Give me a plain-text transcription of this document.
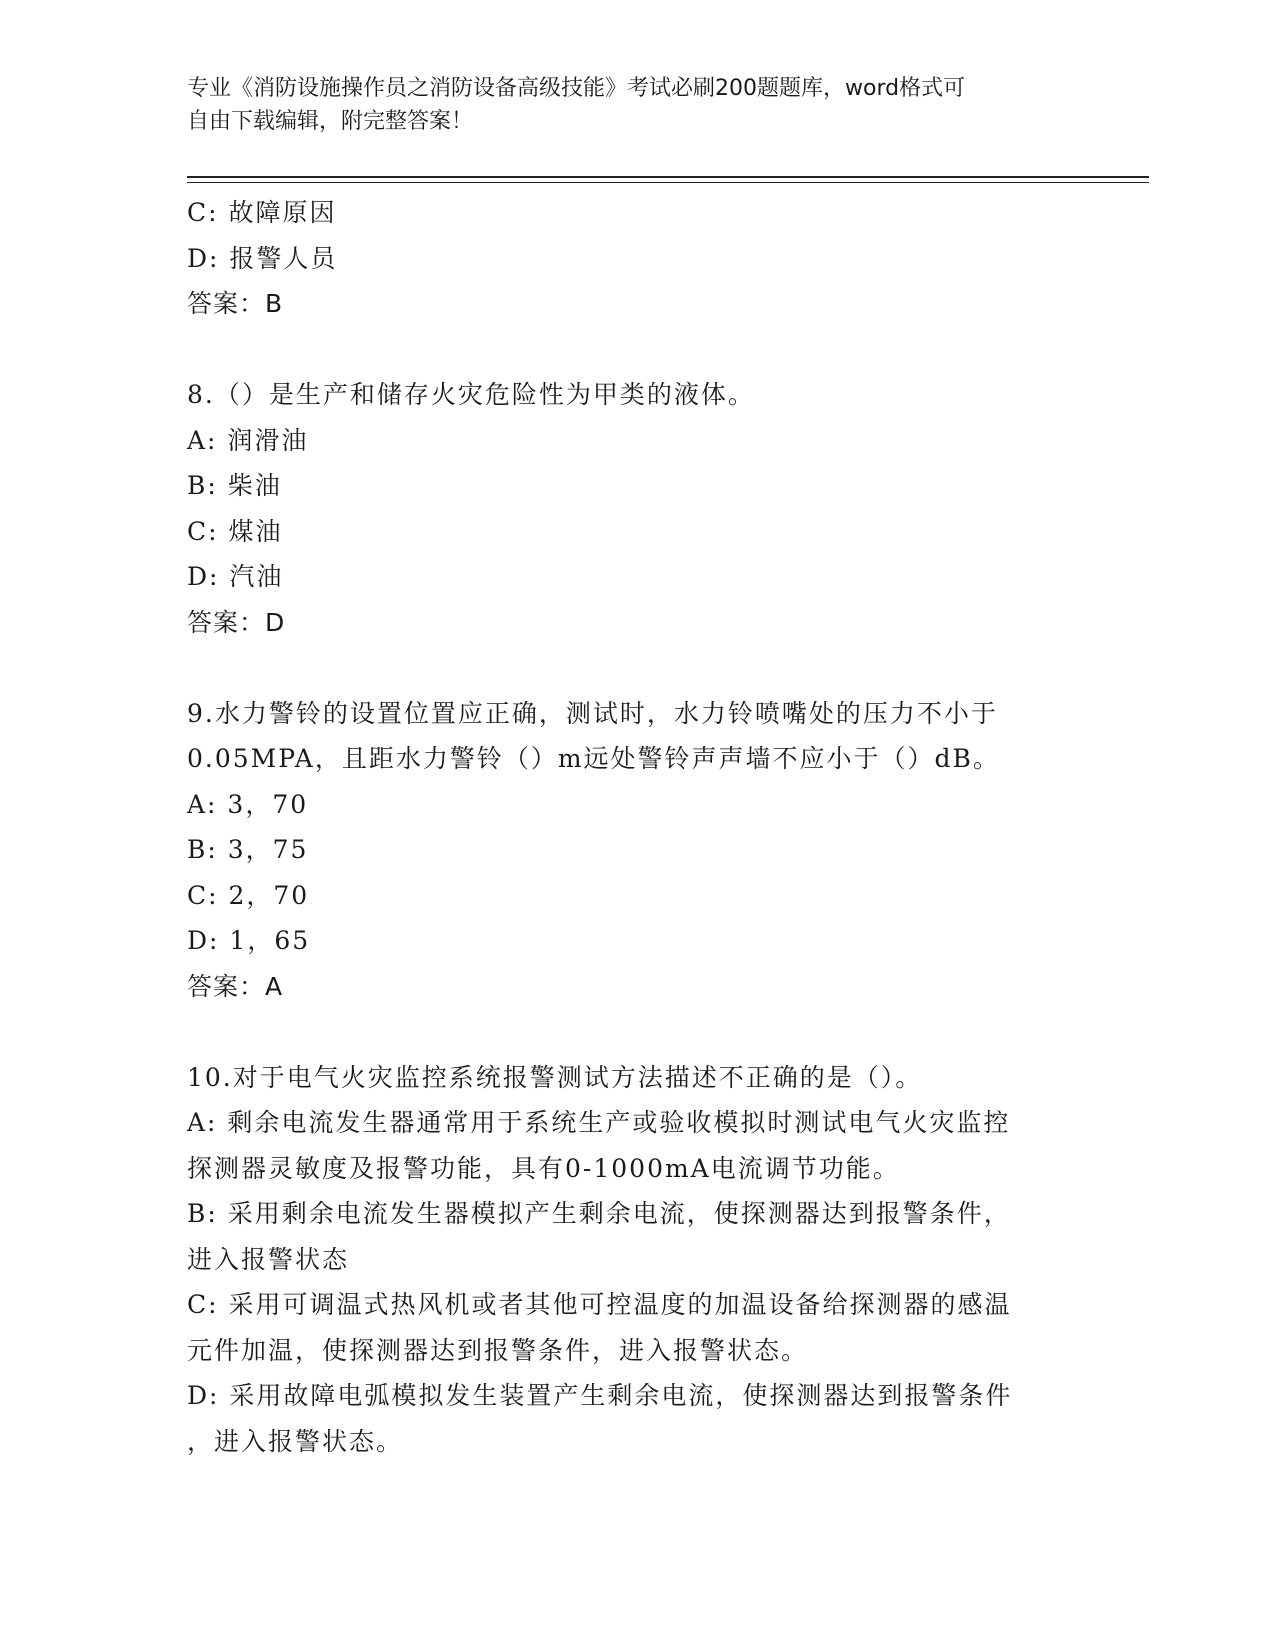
专业《消防设施操作员之消防设备高级技能》考试必刷200题题库，word格式可
自由下载编辑，附完整答案！
C: 故障原因
D: 报警人员
答案：B
8.（）是生产和储存火灾危险性为甲类的液体。
A: 润滑油
B: 柴油
C: 煤油
D: 汽油
答案：D
9.水力警铃的设置位置应正确，测试时，水力铃喷嘴处的压力不小于
0.05MPA，且距水力警铃（）m远处警铃声声墙不应小于（）dB。
A: 3，70
B: 3，75
C: 2，70
D: 1，65
答案：A
10.对于电气火灾监控系统报警测试方法描述不正确的是（）。
A: 剩余电流发生器通常用于系统生产或验收模拟时测试电气火灾监控
探测器灵敏度及报警功能，具有0-1000mA电流调节功能。
B: 采用剩余电流发生器模拟产生剩余电流，使探测器达到报警条件，
进入报警状态
C: 采用可调温式热风机或者其他可控温度的加温设备给探测器的感温
元件加温，使探测器达到报警条件，进入报警状态。
D: 采用故障电弧模拟发生装置产生剩余电流，使探测器达到报警条件
，进入报警状态。
